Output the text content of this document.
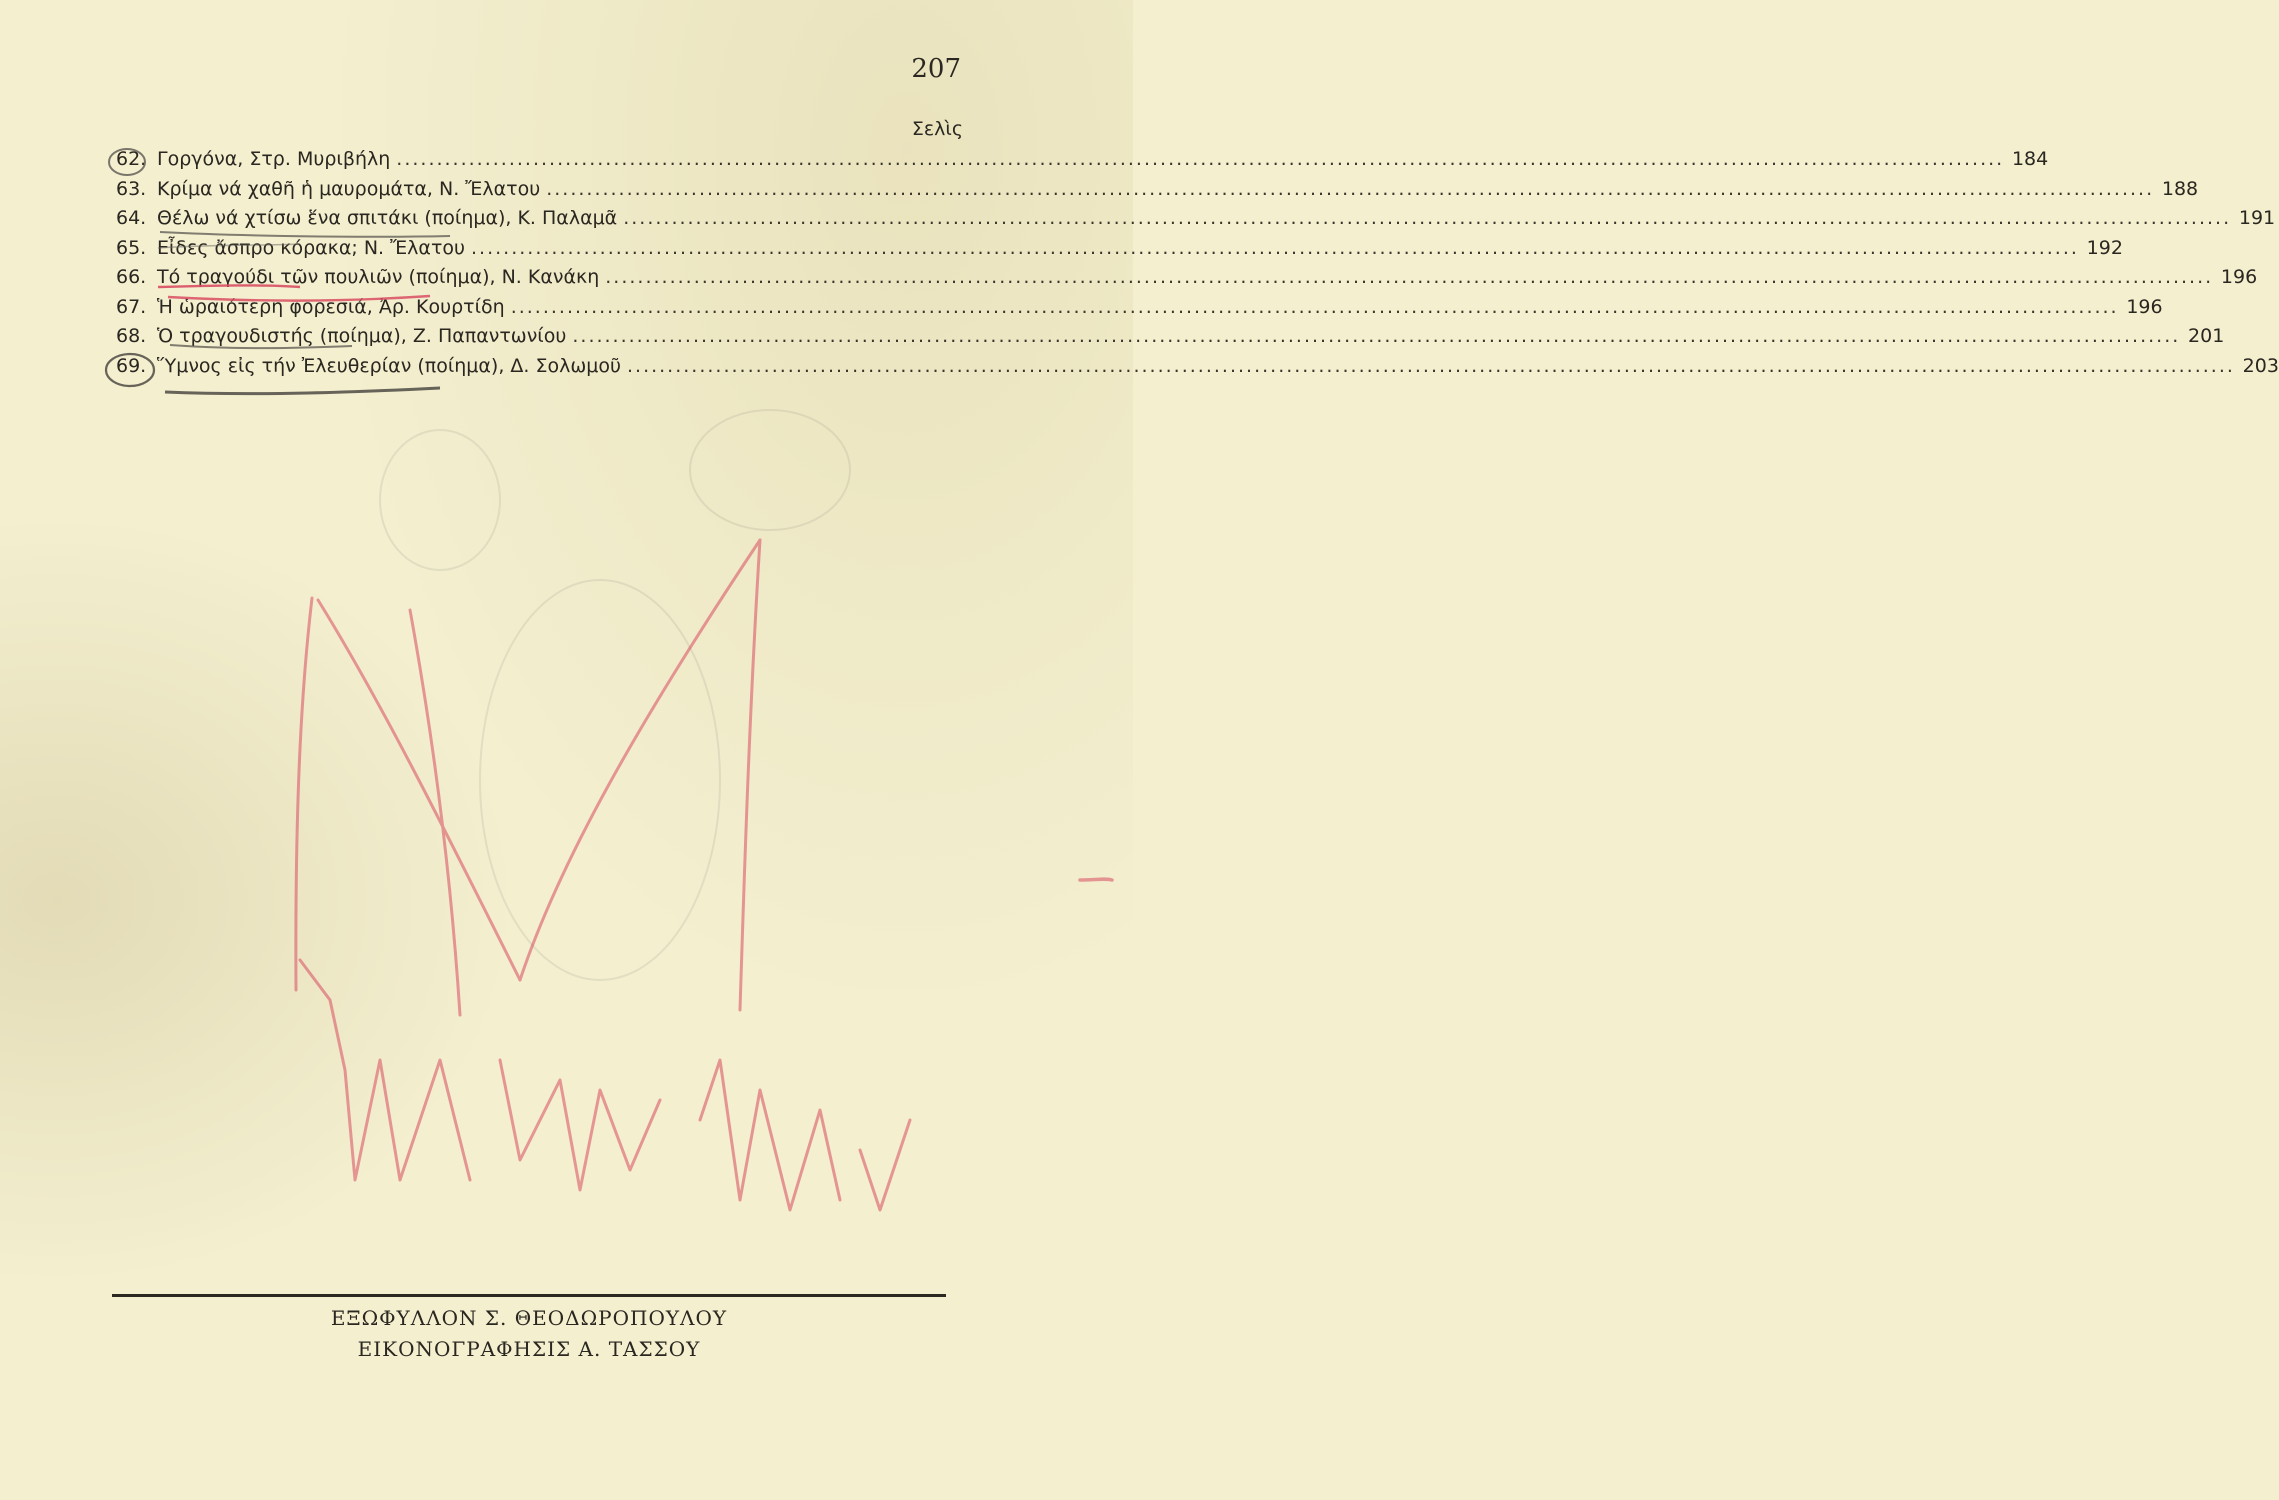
207
Σελὶς
62. Γοργόνα, Στρ. Μυριβήλη ........................................................................................................................................................................................................ 184
63. Κρίμα νά χαθῆ ἡ μαυρομάτα, Ν. Ἔλατου ........................................................................................................................................................................................................ 188
64. Θέλω νά χτίσω ἕνα σπιτάκι (ποίημα), Κ. Παλαμᾶ ........................................................................................................................................................................................................ 191
65. Εἶδες ἄσπρο κόρακα; Ν. Ἔλατου ........................................................................................................................................................................................................ 192
66. Τό τραγούδι τῶν πουλιῶν (ποίημα), Ν. Κανάκη ........................................................................................................................................................................................................ 196
67. Ἡ ὡραιότερη φορεσιά, Ἀρ. Κουρτίδη ........................................................................................................................................................................................................ 196
68. Ὁ τραγουδιστής (ποίημα), Ζ. Παπαντωνίου ........................................................................................................................................................................................................ 201
69. Ὕμνος εἰς τήν Ἐλευθερίαν (ποίημα), Δ. Σολωμοῦ ........................................................................................................................................................................................................ 203
ΕΞΩΦΥΛΛΟΝ Σ. ΘΕΟΔΩΡΟΠΟΥΛΟΥ
ΕΙΚΟΝΟΓΡΑΦΗΣΙΣ Α. ΤΑΣΣΟΥ
